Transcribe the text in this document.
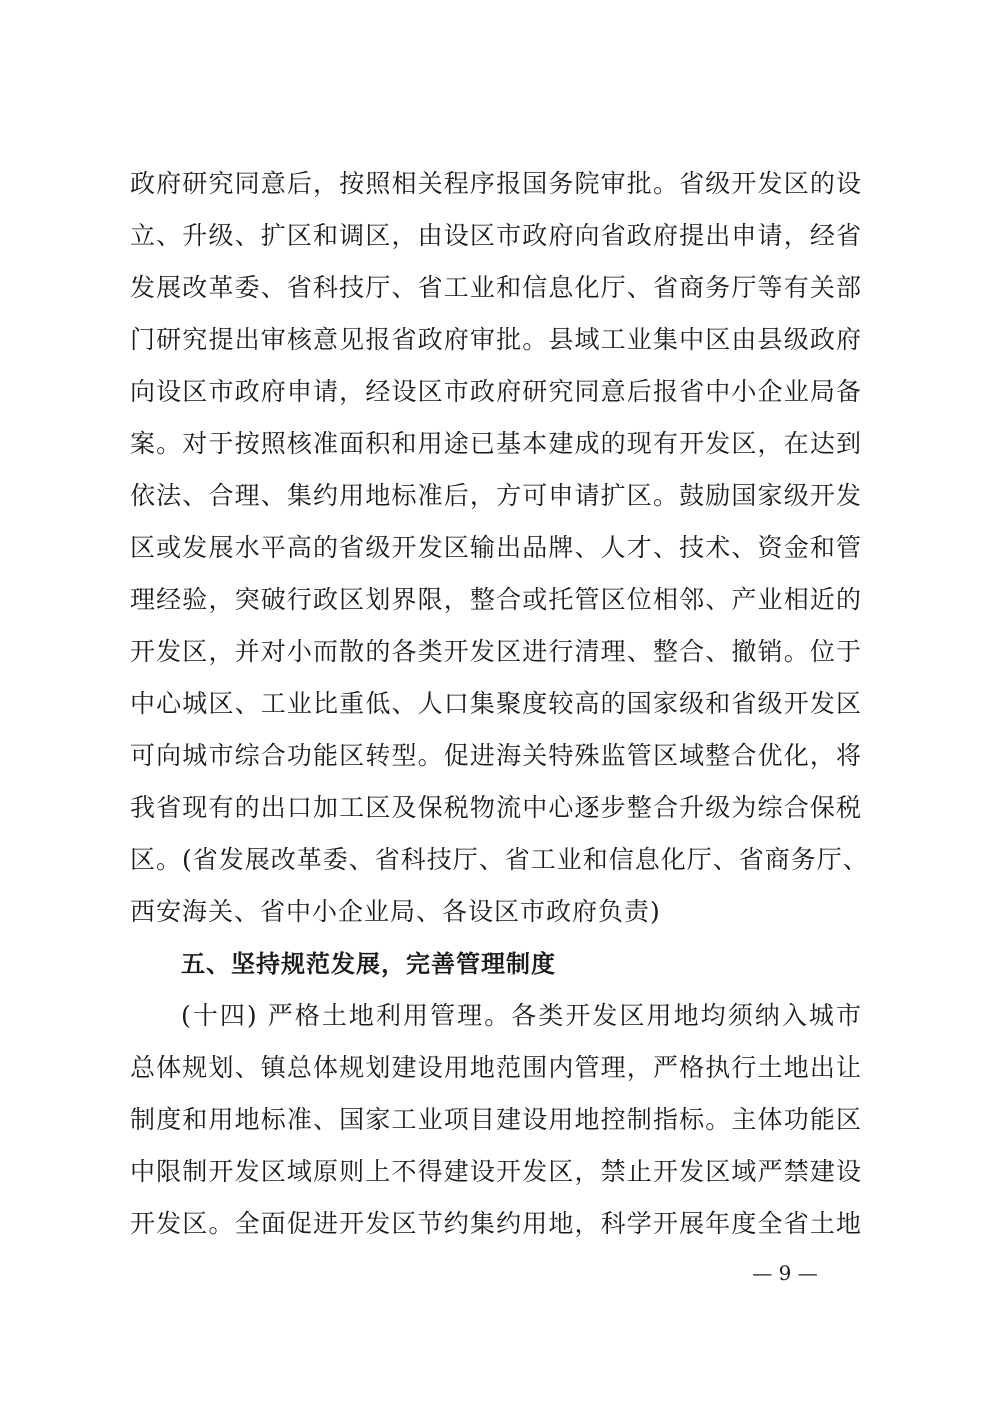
政府研究同意后，按照相关程序报国务院审批。省级开发区的设
立、升级、扩区和调区，由设区市政府向省政府提出申请，经省
发展改革委、省科技厅、省工业和信息化厅、省商务厅等有关部
门研究提出审核意见报省政府审批。县域工业集中区由县级政府
向设区市政府申请，经设区市政府研究同意后报省中小企业局备
案。对于按照核准面积和用途已基本建成的现有开发区，在达到
依法、合理、集约用地标准后，方可申请扩区。鼓励国家级开发
区或发展水平高的省级开发区输出品牌、人才、技术、资金和管
理经验，突破行政区划界限，整合或托管区位相邻、产业相近的
开发区，并对小而散的各类开发区进行清理、整合、撤销。位于
中心城区、工业比重低、人口集聚度较高的国家级和省级开发区
可向城市综合功能区转型。促进海关特殊监管区域整合优化，将
我省现有的出口加工区及保税物流中心逐步整合升级为综合保税
区。(省发展改革委、省科技厅、省工业和信息化厅、省商务厅、
西安海关、省中小企业局、各设区市政府负责)
五、坚持规范发展，完善管理制度
(十四) 严格土地利用管理。各类开发区用地均须纳入城市
总体规划、镇总体规划建设用地范围内管理，严格执行土地出让
制度和用地标准、国家工业项目建设用地控制指标。主体功能区
中限制开发区域原则上不得建设开发区，禁止开发区域严禁建设
开发区。全面促进开发区节约集约用地，科学开展年度全省土地
— 9 —
